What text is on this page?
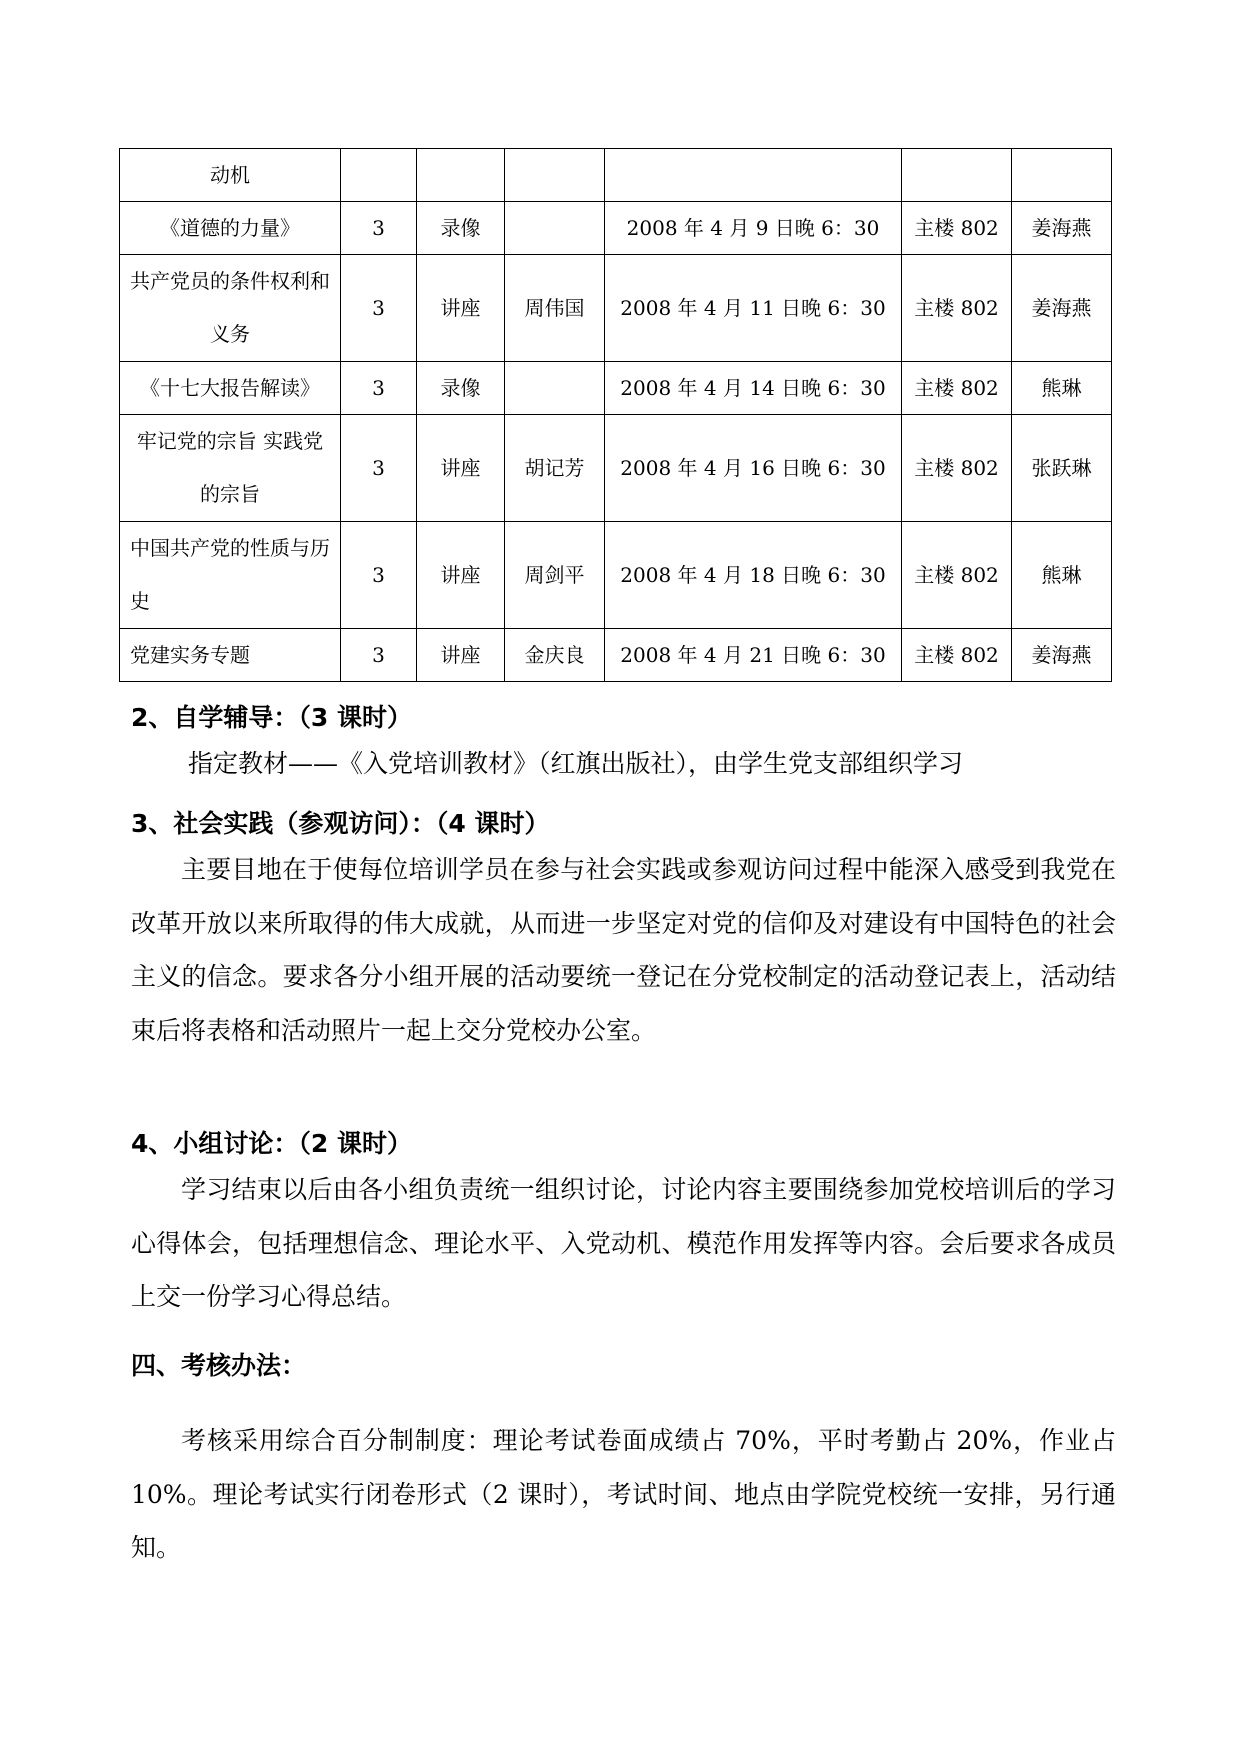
动机						
《道德的力量》	3	录像		2008 年 4 月 9 日晚 6：30	主楼 802	姜海燕
共产党员的条件权利和义务	3	讲座	周伟国	2008 年 4 月 11 日晚 6：30	主楼 802	姜海燕
《十七大报告解读》	3	录像		2008 年 4 月 14 日晚 6：30	主楼 802	熊琳
牢记党的宗旨 实践党的宗旨	3	讲座	胡记芳	2008 年 4 月 16 日晚 6：30	主楼 802	张跃琳
中国共产党的性质与历史	3	讲座	周剑平	2008 年 4 月 18 日晚 6：30	主楼 802	熊琳
党建实务专题	3	讲座	金庆良	2008 年 4 月 21 日晚 6：30	主楼 802	姜海燕
2、自学辅导：（3 课时）

指定教材——《入党培训教材》（红旗出版社），由学生党支部组织学习

3、社会实践（参观访问）：（4 课时）

主要目地在于使每位培训学员在参与社会实践或参观访问过程中能深入感受到我党在改革开放以来所取得的伟大成就，从而进一步坚定对党的信仰及对建设有中国特色的社会主义的信念。要求各分小组开展的活动要统一登记在分党校制定的活动登记表上，活动结束后将表格和活动照片一起上交分党校办公室。

4、小组讨论：（2 课时）

学习结束以后由各小组负责统一组织讨论，讨论内容主要围绕参加党校培训后的学习心得体会，包括理想信念、理论水平、入党动机、模范作用发挥等内容。会后要求各成员上交一份学习心得总结。

四、考核办法：

考核采用综合百分制制度：理论考试卷面成绩占 70%，平时考勤占 20%，作业占 10%。理论考试实行闭卷形式（2 课时），考试时间、地点由学院党校统一安排，另行通知。
